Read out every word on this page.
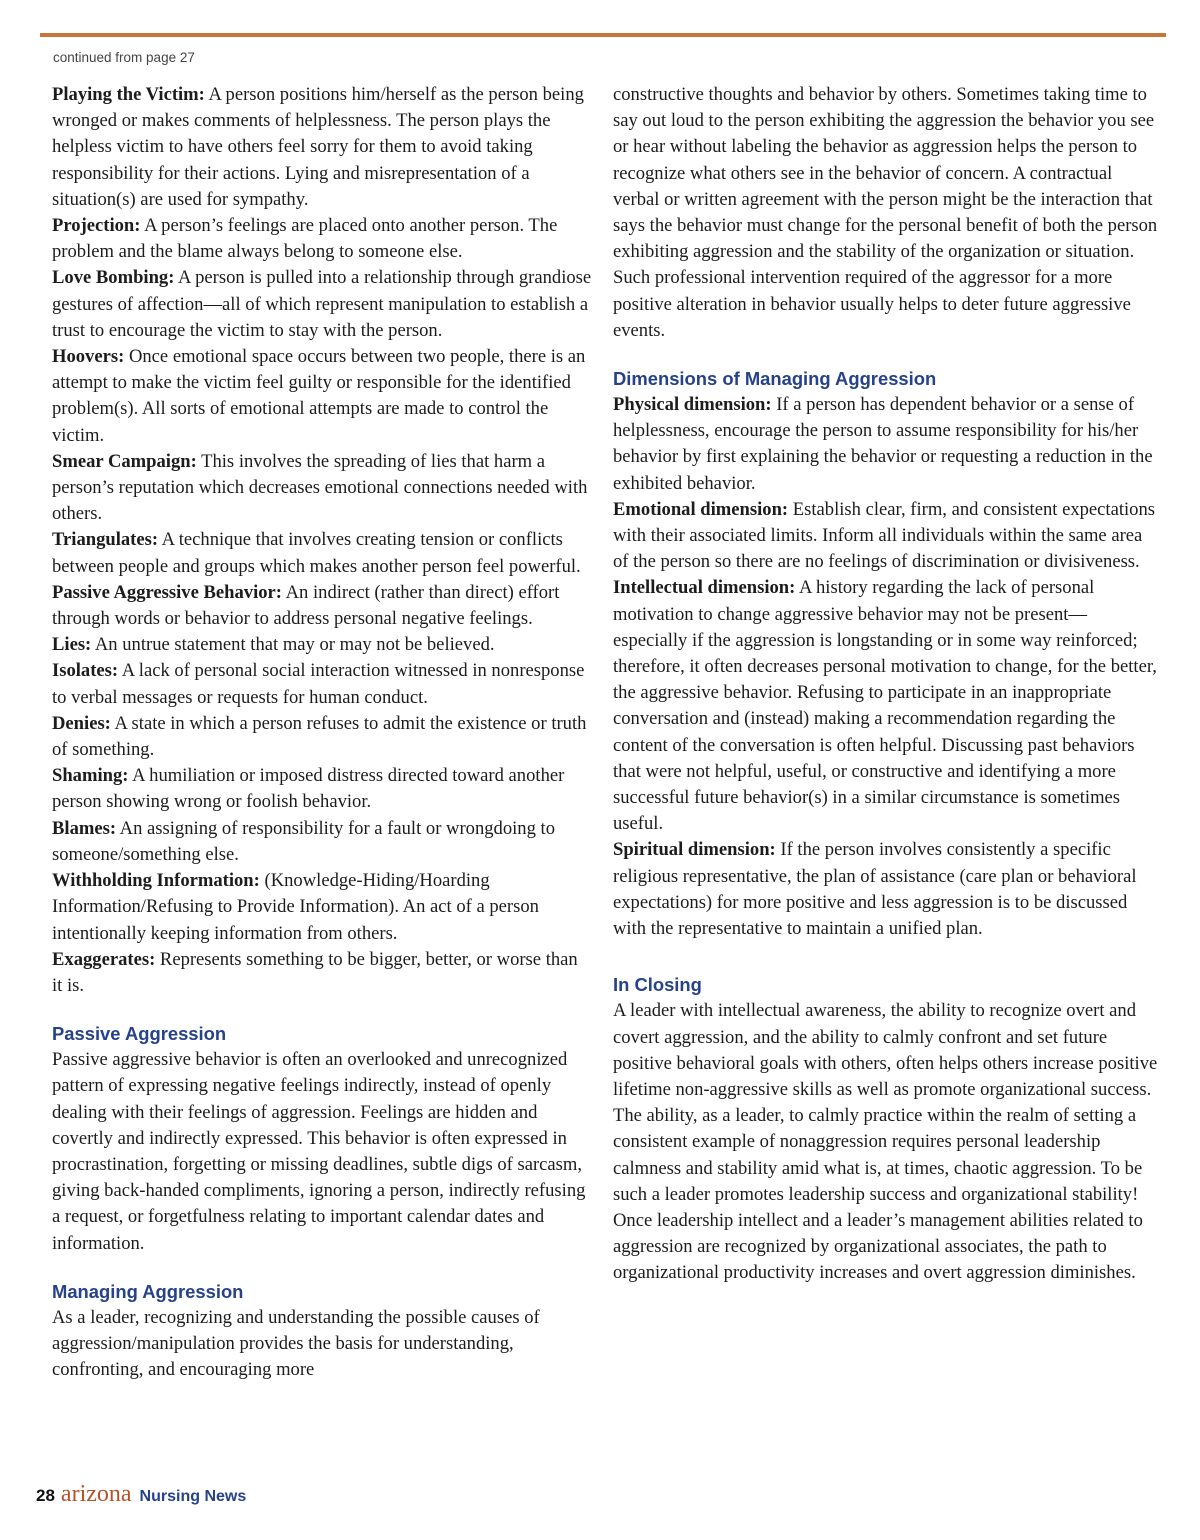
continued from page 27

Playing the Victim: A person positions him/herself as the person being wronged or makes comments of helplessness. The person plays the helpless victim to have others feel sorry for them to avoid taking responsibility for their actions. Lying and misrepresentation of a situation(s) are used for sympathy.

Projection: A person’s feelings are placed onto another person. The problem and the blame always belong to someone else.

Love Bombing: A person is pulled into a relationship through grandiose gestures of affection—all of which represent manipulation to establish a trust to encourage the victim to stay with the person.

Hoovers: Once emotional space occurs between two people, there is an attempt to make the victim feel guilty or responsible for the identified problem(s). All sorts of emotional attempts are made to control the victim.

Smear Campaign: This involves the spreading of lies that harm a person’s reputation which decreases emotional connections needed with others.

Triangulates: A technique that involves creating tension or conflicts between people and groups which makes another person feel powerful.

Passive Aggressive Behavior: An indirect (rather than direct) effort through words or behavior to address personal negative feelings.

Lies: An untrue statement that may or may not be believed.

Isolates: A lack of personal social interaction witnessed in nonresponse to verbal messages or requests for human conduct.

Denies: A state in which a person refuses to admit the existence or truth of something.

Shaming: A humiliation or imposed distress directed toward another person showing wrong or foolish behavior.

Blames: An assigning of responsibility for a fault or wrongdoing to someone/something else.

Withholding Information: (Knowledge-Hiding/Hoarding Information/Refusing to Provide Information). An act of a person intentionally keeping information from others.

Exaggerates: Represents something to be bigger, better, or worse than it is.

Passive Aggression

Passive aggressive behavior is often an overlooked and unrecognized pattern of expressing negative feelings indirectly, instead of openly dealing with their feelings of aggression. Feelings are hidden and covertly and indirectly expressed. This behavior is often expressed in procrastination, forgetting or missing deadlines, subtle digs of sarcasm, giving back-handed compliments, ignoring a person, indirectly refusing a request, or forgetfulness relating to important calendar dates and information.

Managing Aggression

As a leader, recognizing and understanding the possible causes of aggression/manipulation provides the basis for understanding, confronting, and encouraging more

constructive thoughts and behavior by others. Sometimes taking time to say out loud to the person exhibiting the aggression the behavior you see or hear without labeling the behavior as aggression helps the person to recognize what others see in the behavior of concern. A contractual verbal or written agreement with the person might be the interaction that says the behavior must change for the personal benefit of both the person exhibiting aggression and the stability of the organization or situation. Such professional intervention required of the aggressor for a more positive alteration in behavior usually helps to deter future aggressive events.

Dimensions of Managing Aggression

Physical dimension: If a person has dependent behavior or a sense of helplessness, encourage the person to assume responsibility for his/her behavior by first explaining the behavior or requesting a reduction in the exhibited behavior.

Emotional dimension: Establish clear, firm, and consistent expectations with their associated limits. Inform all individuals within the same area of the person so there are no feelings of discrimination or divisiveness.

Intellectual dimension: A history regarding the lack of personal motivation to change aggressive behavior may not be present—especially if the aggression is longstanding or in some way reinforced; therefore, it often decreases personal motivation to change, for the better, the aggressive behavior. Refusing to participate in an inappropriate conversation and (instead) making a recommendation regarding the content of the conversation is often helpful. Discussing past behaviors that were not helpful, useful, or constructive and identifying a more successful future behavior(s) in a similar circumstance is sometimes useful.

Spiritual dimension: If the person involves consistently a specific religious representative, the plan of assistance (care plan or behavioral expectations) for more positive and less aggression is to be discussed with the representative to maintain a unified plan.

In Closing

A leader with intellectual awareness, the ability to recognize overt and covert aggression, and the ability to calmly confront and set future positive behavioral goals with others, often helps others increase positive lifetime non-aggressive skills as well as promote organizational success. The ability, as a leader, to calmly practice within the realm of setting a consistent example of nonaggression requires personal leadership calmness and stability amid what is, at times, chaotic aggression. To be such a leader promotes leadership success and organizational stability! Once leadership intellect and a leader’s management abilities related to aggression are recognized by organizational associates, the path to organizational productivity increases and overt aggression diminishes.

28 arizona Nursing News
